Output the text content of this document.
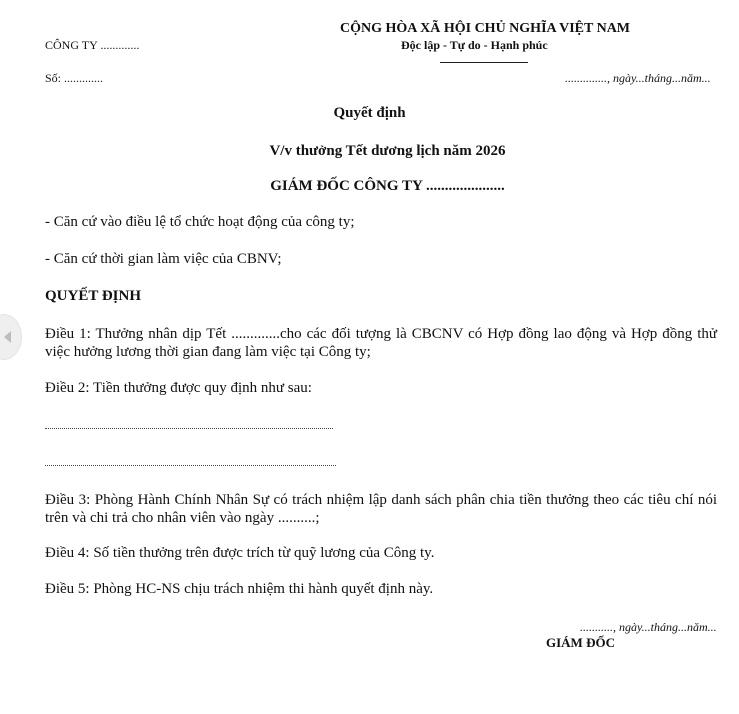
CÔNG TY .............
CỘNG HÒA XÃ HỘI CHỦ NGHĨA VIỆT NAM
Độc lập - Tự do - Hạnh phúc
Số: .............	.............., ngày...tháng...năm...
Quyết định
V/v thưởng Tết dương lịch năm 2026
GIÁM ĐỐC CÔNG TY .....................
- Căn cứ vào điều lệ tổ chức hoạt động của công ty;
- Căn cứ thời gian làm việc của CBNV;
QUYẾT ĐỊNH
Điều 1: Thưởng nhân dịp Tết .............cho các đối tượng là CBCNV có Hợp đồng lao động và Hợp đồng thử việc hưởng lương thời gian đang làm việc tại Công ty;
Điều 2: Tiền thưởng được quy định như sau:
Điều 3: Phòng Hành Chính Nhân Sự có trách nhiệm lập danh sách phân chia tiền thưởng theo các tiêu chí nói trên và chi trả cho nhân viên vào ngày ..........;
Điều 4: Số tiền thưởng trên được trích từ quỹ lương của Công ty.
Điều 5: Phòng HC-NS chịu trách nhiệm thi hành quyết định này.
..........., ngày...tháng...năm...
GIÁM ĐỐC
